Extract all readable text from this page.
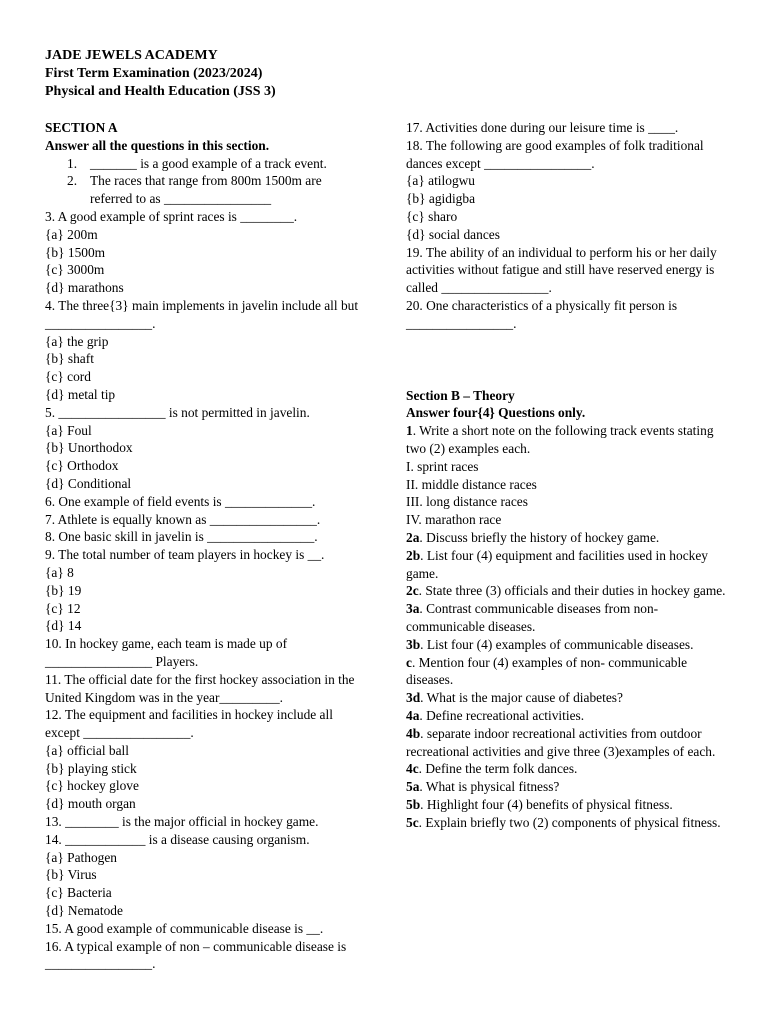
JADE JEWELS ACADEMY
First Term Examination (2023/2024)
Physical and Health Education (JSS 3)
SECTION A
Answer all the questions in this section.
1. _______ is a good example of a track event.
2. The races that range from 800m 1500m are referred to as ________________
3. A good example of sprint races is ________.
{a} 200m
{b} 1500m
{c} 3000m
{d} marathons
4. The three{3} main implements in javelin include all but ________________.
{a} the grip
{b} shaft
{c} cord
{d} metal tip
5. ________________ is not permitted in javelin.
{a} Foul
{b} Unorthodox
{c} Orthodox
{d} Conditional
6. One example of field events is _____________.
7. Athlete is equally known as ________________.
8. One basic skill in javelin is ________________.
9. The total number of team players in hockey is __.
{a} 8
{b} 19
{c} 12
{d} 14
10. In hockey game, each team is made up of ________________ Players.
11. The official date for the first hockey association in the United Kingdom was in the year_________.
12. The equipment and facilities in hockey include all except ________________.
{a} official ball
{b} playing stick
{c} hockey glove
{d} mouth organ
13. ________ is the major official in hockey game.
14. ____________ is a disease causing organism.
{a} Pathogen
{b} Virus
{c} Bacteria
{d} Nematode
15. A good example of communicable disease is __.
16. A typical example of non – communicable disease is ________________.
17. Activities done during our leisure time is ____.
18. The following are good examples of folk traditional dances except ________________.
{a} atilogwu
{b} agidigba
{c} sharo
{d} social dances
19. The ability of an individual to perform his or her daily activities without fatigue and still have reserved energy is called ________________.
20. One characteristics of a physically fit person is ________________.
Section B – Theory
Answer four{4} Questions only.
1. Write a short note on the following track events stating two (2) examples each.
I. sprint races
II. middle distance races
III. long distance races
IV. marathon race
2a. Discuss briefly the history of hockey game.
2b. List four (4) equipment and facilities used in hockey game.
2c. State three (3) officials and their duties in hockey game.
3a. Contrast communicable diseases from non-communicable diseases.
3b. List four (4) examples of communicable diseases.
c. Mention four (4) examples of non- communicable diseases.
3d. What is the major cause of diabetes?
4a. Define recreational activities.
4b. separate indoor recreational activities from outdoor recreational activities and give three (3)examples of each.
4c. Define the term folk dances.
5a. What is physical fitness?
5b. Highlight four (4) benefits of physical fitness.
5c. Explain briefly two (2) components of physical fitness.
